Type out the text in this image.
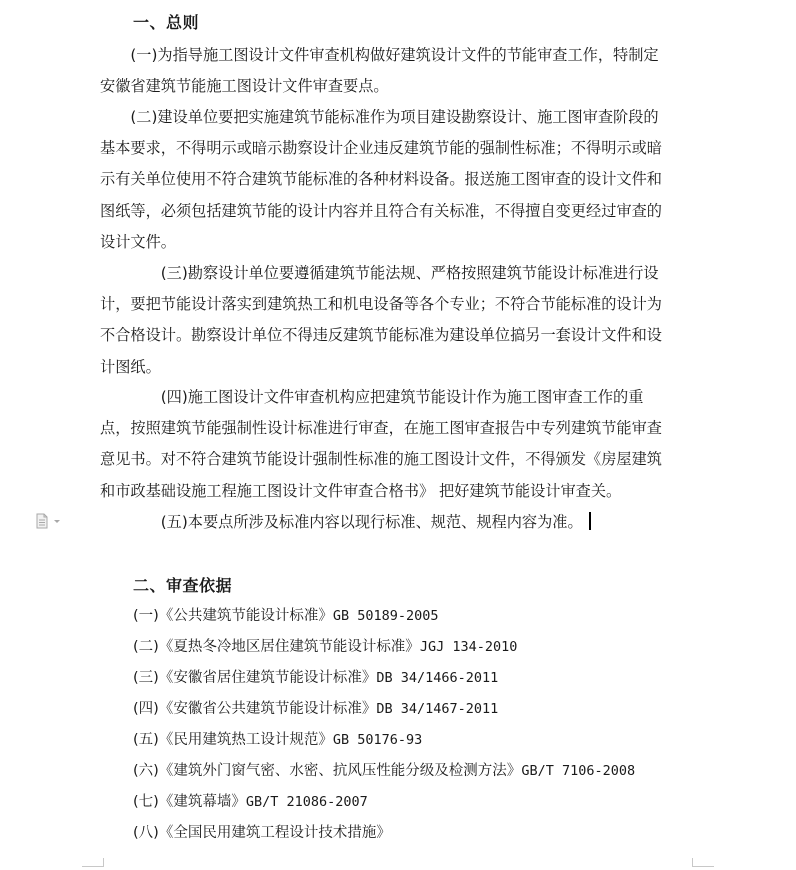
一、总则
　　(一)为指导施工图设计文件审查机构做好建筑设计文件的节能审查工作，特制定
安徽省建筑节能施工图设计文件审查要点。
　　(二)建设单位要把实施建筑节能标准作为项目建设勘察设计、施工图审查阶段的
基本要求，不得明示或暗示勘察设计企业违反建筑节能的强制性标准；不得明示或暗
示有关单位使用不符合建筑节能标准的各种材料设备。报送施工图审查的设计文件和
图纸等，必须包括建筑节能的设计内容并且符合有关标准，不得擅自变更经过审查的
设计文件。
　　　　(三)勘察设计单位要遵循建筑节能法规、严格按照建筑节能设计标准进行设
计，要把节能设计落实到建筑热工和机电设备等各个专业；不符合节能标准的设计为
不合格设计。勘察设计单位不得违反建筑节能标准为建设单位搞另一套设计文件和设
计图纸。
　　　　(四)施工图设计文件审查机构应把建筑节能设计作为施工图审查工作的重
点，按照建筑节能强制性设计标准进行审查，在施工图审查报告中专列建筑节能审查
意见书。对不符合建筑节能设计强制性标准的施工图设计文件，不得颁发《房屋建筑
和市政基础设施工程施工图设计文件审查合格书》 把好建筑节能设计审查关。
　　　　(五)本要点所涉及标准内容以现行标准、规范、规程内容为准。
二、审查依据
(一)《公共建筑节能设计标准》GB 50189-2005
(二)《夏热冬冷地区居住建筑节能设计标准》JGJ 134-2010
(三)《安徽省居住建筑节能设计标准》DB 34/1466-2011
(四)《安徽省公共建筑节能设计标准》DB 34/1467-2011
(五)《民用建筑热工设计规范》GB 50176-93
(六)《建筑外门窗气密、水密、抗风压性能分级及检测方法》GB/T 7106-2008
(七)《建筑幕墙》GB/T 21086-2007
(八)《全国民用建筑工程设计技术措施》
